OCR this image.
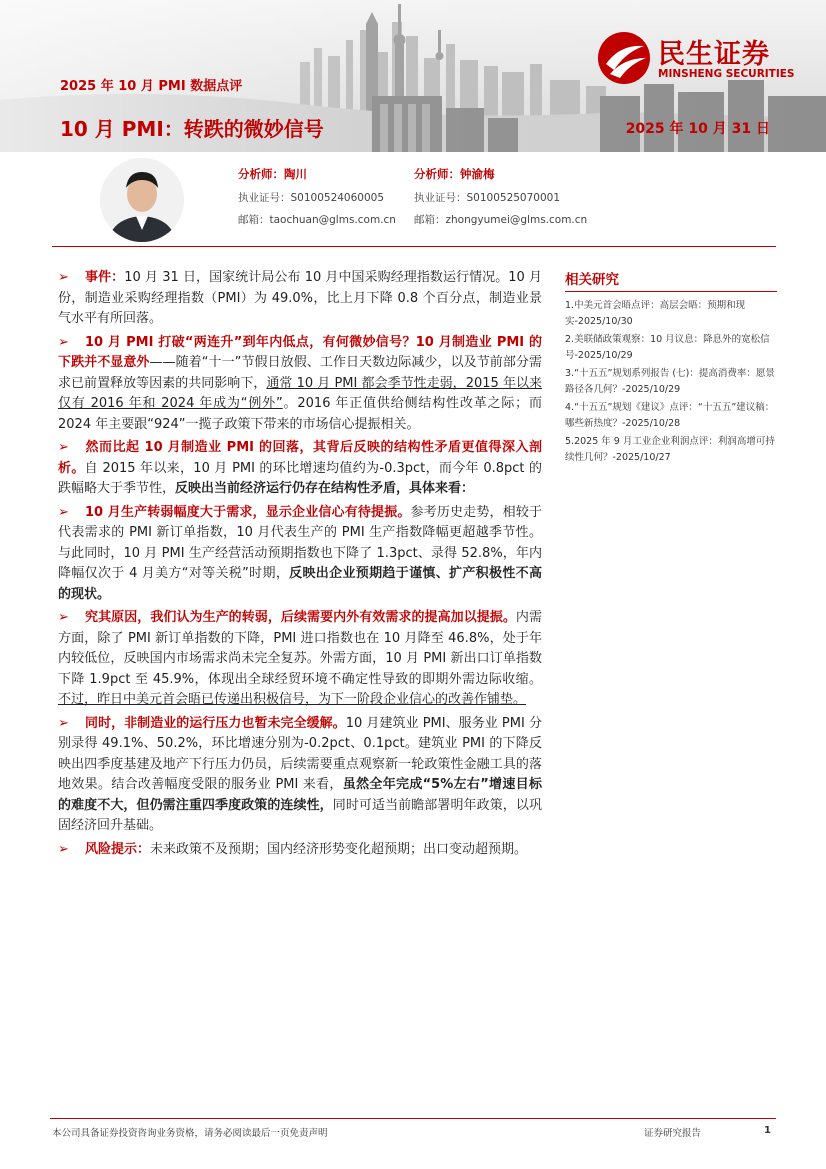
民生证券
MINSHENG SECURITIES
2025 年 10 月 PMI 数据点评
10 月 PMI：转跌的微妙信号	2025 年 10 月 31 日
分析师：陶川
执业证号：S0100524060005
邮箱：taochuan@glms.com.cn
分析师：钟渝梅
执业证号：S0100525070001
邮箱：zhongyumei@glms.com.cn
➢ 事件：10 月 31 日，国家统计局公布 10 月中国采购经理指数运行情况。10 月份，制造业采购经理指数（PMI）为 49.0%，比上月下降 0.8 个百分点，制造业景气水平有所回落。
➢ 10 月 PMI 打破“两连升”到年内低点，有何微妙信号？10 月制造业 PMI 的下跌并不显意外——随着“十一”节假日放假、工作日天数边际减少，以及节前部分需求已前置释放等因素的共同影响下，通常 10 月 PMI 都会季节性走弱，2015 年以来仅有 2016 年和 2024 年成为“例外”。2016 年正值供给侧结构性改革之际；而 2024 年主要跟“924”一揽子政策下带来的市场信心提振相关。
➢ 然而比起 10 月制造业 PMI 的回落，其背后反映的结构性矛盾更值得深入剖析。自 2015 年以来，10 月 PMI 的环比增速均值约为-0.3pct，而今年 0.8pct 的跌幅略大于季节性，反映出当前经济运行仍存在结构性矛盾，具体来看：
➢ 10 月生产转弱幅度大于需求，显示企业信心有待提振。参考历史走势，相较于代表需求的 PMI 新订单指数，10 月代表生产的 PMI 生产指数降幅更超越季节性。与此同时，10 月 PMI 生产经营活动预期指数也下降了 1.3pct、录得 52.8%，年内降幅仅次于 4 月美方“对等关税”时期，反映出企业预期趋于谨慎、扩产积极性不高的现状。
➢ 究其原因，我们认为生产的转弱，后续需要内外有效需求的提高加以提振。内需方面，除了 PMI 新订单指数的下降，PMI 进口指数也在 10 月降至 46.8%，处于年内较低位，反映国内市场需求尚未完全复苏。外需方面，10 月 PMI 新出口订单指数下降 1.9pct 至 45.9%，体现出全球经贸环境不确定性导致的即期外需边际收缩。不过，昨日中美元首会晤已传递出积极信号，为下一阶段企业信心的改善作铺垫。
➢ 同时，非制造业的运行压力也暂未完全缓解。10 月建筑业 PMI、服务业 PMI 分别录得 49.1%、50.2%，环比增速分别为-0.2pct、0.1pct。建筑业 PMI 的下降反映出四季度基建及地产下行压力仍员，后续需要重点观察新一轮政策性金融工具的落地效果。结合改善幅度受限的服务业 PMI 来看，虽然全年完成“5%左右”增速目标的难度不大，但仍需注重四季度政策的连续性，同时可适当前瞻部署明年政策，以巩固经济回升基础。
➢ 风险提示：未来政策不及预期；国内经济形势变化超预期；出口变动超预期。
相关研究
1.中美元首会晤点评：高层会晤：预期和现实-2025/10/30
2.美联储政策观察：10 月议息：降息外的宽松信号-2025/10/29
3.“十五五”规划系列报告 (七)：提高消费率：愿景路径各几何？-2025/10/29
4.“十五五”规划《建议》点评：“十五五”建议稿：哪些新热度？-2025/10/28
5.2025 年 9 月工业企业利润点评：利润高增可持续性几何？-2025/10/27
本公司具备证券投资咨询业务资格，请务必阅读最后一页免责声明	证券研究报告	1
